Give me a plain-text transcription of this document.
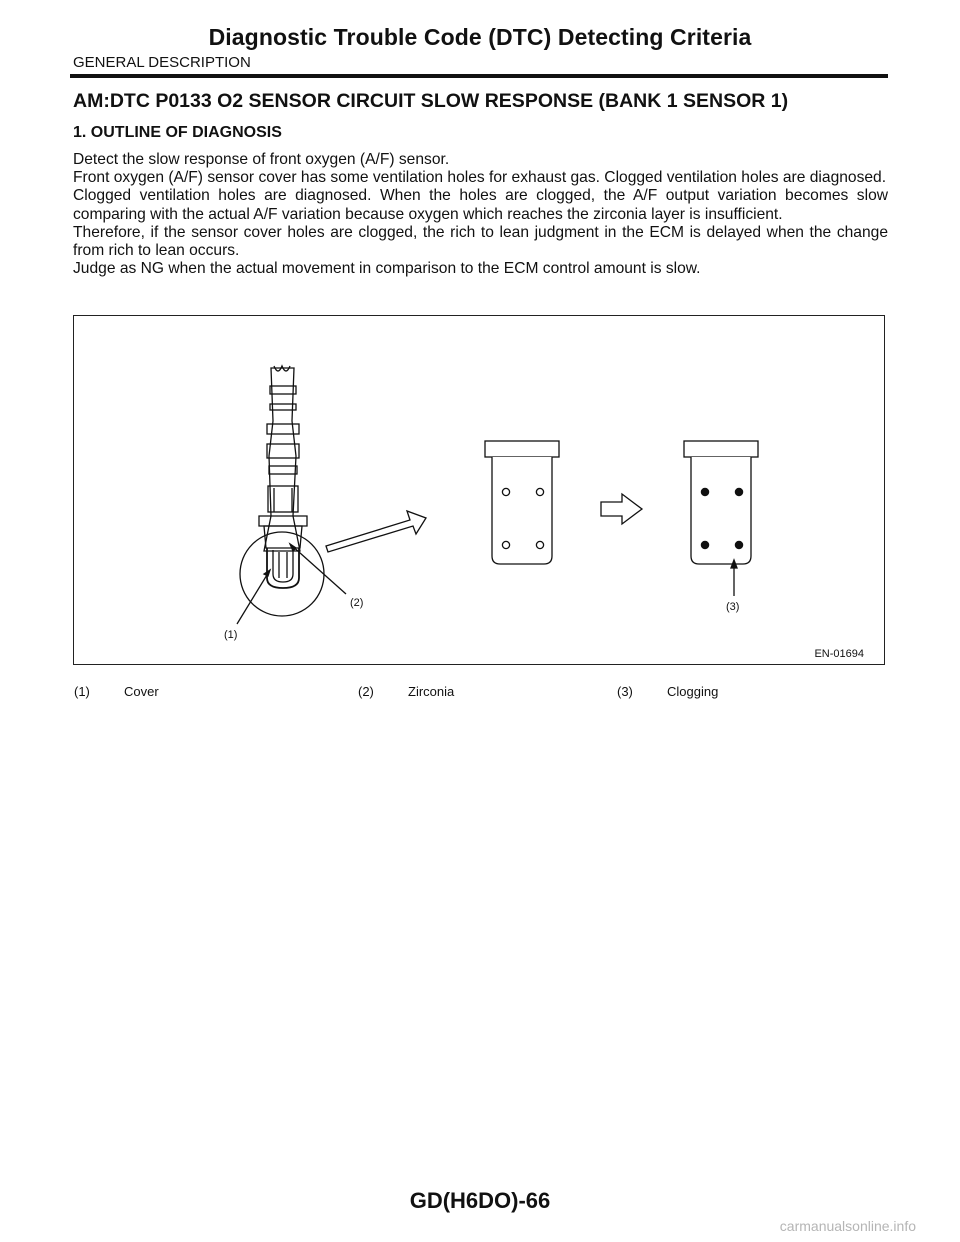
Diagnostic Trouble Code (DTC) Detecting Criteria
GENERAL DESCRIPTION
AM:DTC P0133 O2 SENSOR CIRCUIT SLOW RESPONSE (BANK 1 SENSOR 1)
1. OUTLINE OF DIAGNOSIS

Detect the slow response of front oxygen (A/F) sensor.

Front oxygen (A/F) sensor cover has some ventilation holes for exhaust gas. Clogged ventilation holes are diagnosed.

Clogged ventilation holes are diagnosed. When the holes are clogged, the A/F output variation becomes slow comparing with the actual A/F variation because oxygen which reaches the zirconia layer is insufficient.

Therefore, if the sensor cover holes are clogged, the rich to lean judgment in the ECM is delayed when the change from rich to lean occurs.

Judge as NG when the actual movement in comparison to the ECM control amount is slow.

(1)
(2)	(3)
EN-01694
(1)	Cover	(2)	Zirconia	(3)	Clogging
GD(H6DO)-66
carmanualsonline.info
